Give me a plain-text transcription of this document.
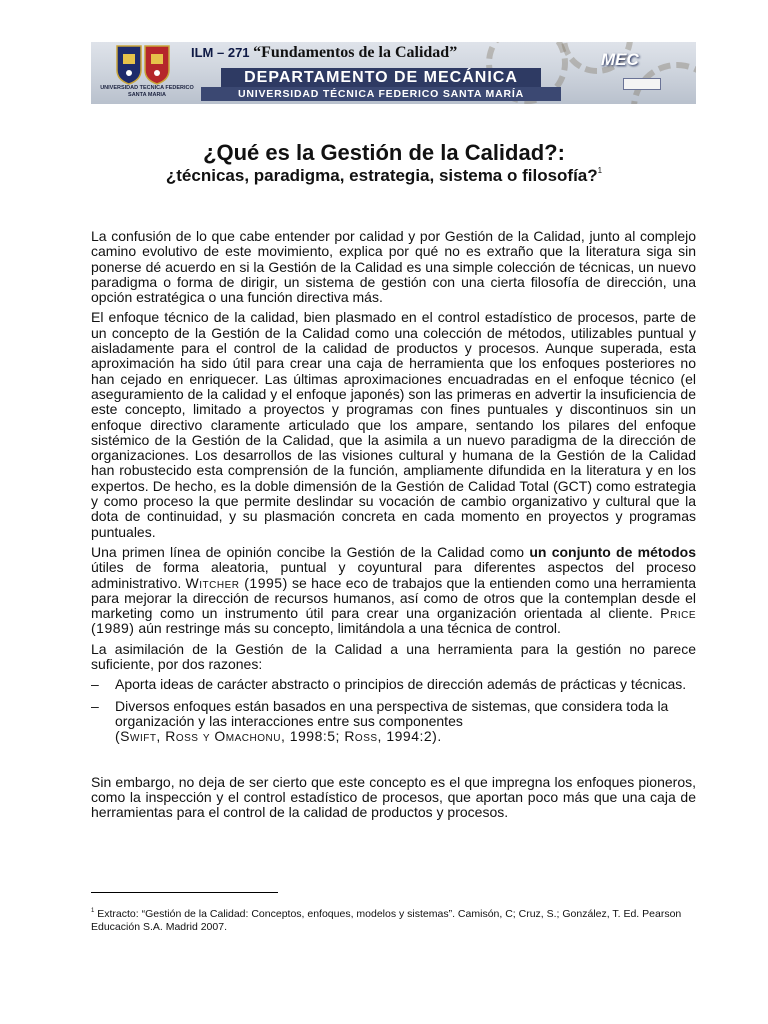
UNIVERSIDAD TECNICA FEDERICO SANTA MARIA
ILM – 271 “Fundamentos de la Calidad”
DEPARTAMENTO DE MECÁNICA
UNIVERSIDAD TÉCNICA FEDERICO SANTA MARÍA
MEC
¿Qué es la Gestión de la Calidad?:
¿técnicas, paradigma, estrategia, sistema o filosofía?$^1$

La confusión de lo que cabe entender por calidad y por Gestión de la Calidad, junto al complejo camino evolutivo de este movimiento, explica por qué no es extraño que la literatura siga sin ponerse dé acuerdo en si la Gestión de la Calidad es una simple colección de técnicas, un nuevo paradigma o forma de dirigir, un sistema de gestión con una cierta filosofía de dirección, una opción estratégica o una función directiva más.

El enfoque técnico de la calidad, bien plasmado en el control estadístico de procesos, parte de un concepto de la Gestión de la Calidad como una colección de métodos, utilizables puntual y aisladamente para el control de la calidad de productos y procesos. Aunque superada, esta aproximación ha sido útil para crear una caja de herramienta que los enfoques posteriores no han cejado en enriquecer. Las últimas aproximaciones encuadradas en el enfoque técnico (el aseguramiento de la calidad y el enfoque japonés) son las primeras en advertir la insuficiencia de este concepto, limitado a proyectos y programas con fines puntuales y discontinuos sin un enfoque directivo claramente articulado que los ampare, sentando los pilares del enfoque sistémico de la Gestión de la Calidad, que la asimila a un nuevo paradigma de la dirección de organizaciones. Los desarrollos de las visiones cultural y humana de la Gestión de la Calidad han robustecido esta comprensión de la función, ampliamente difundida en la literatura y en los expertos. De hecho, es la doble dimensión de la Gestión de Calidad Total (GCT) como estrategia y como proceso la que permite deslindar su vocación de cambio organizativo y cultural que la dota de continuidad, y su plasmación concreta en cada momento en proyectos y programas puntuales.

Una primen línea de opinión concibe la Gestión de la Calidad como un conjunto de métodos útiles de forma aleatoria, puntual y coyuntural para diferentes aspectos del proceso administrativo. Witcher (1995) se hace eco de trabajos que la entienden como una herramienta para mejorar la dirección de recursos humanos, así como de otros que la contemplan desde el marketing como un instrumento útil para crear una organización orientada al cliente. Price (1989) aún restringe más su concepto, limitándola a una técnica de control.

La asimilación de la Gestión de la Calidad a una herramienta para la gestión no parece suficiente, por dos razones:

– Aporta ideas de carácter abstracto o principios de dirección además de prácticas y técnicas.
– Diversos enfoques están basados en una perspectiva de sistemas, que considera toda la organización y las interacciones entre sus componentes
(Swift, Ross y Omachonu, 1998:5; Ross, 1994:2).

Sin embargo, no deja de ser cierto que este concepto es el que impregna los enfoques pioneros, como la inspección y el control estadístico de procesos, que aportan poco más que una caja de herramientas para el control de la calidad de productos y procesos.

$^1$ Extracto: “Gestión de la Calidad: Conceptos, enfoques, modelos y sistemas”. Camisón, C; Cruz, S.; González, T. Ed. Pearson Educación S.A. Madrid 2007.
